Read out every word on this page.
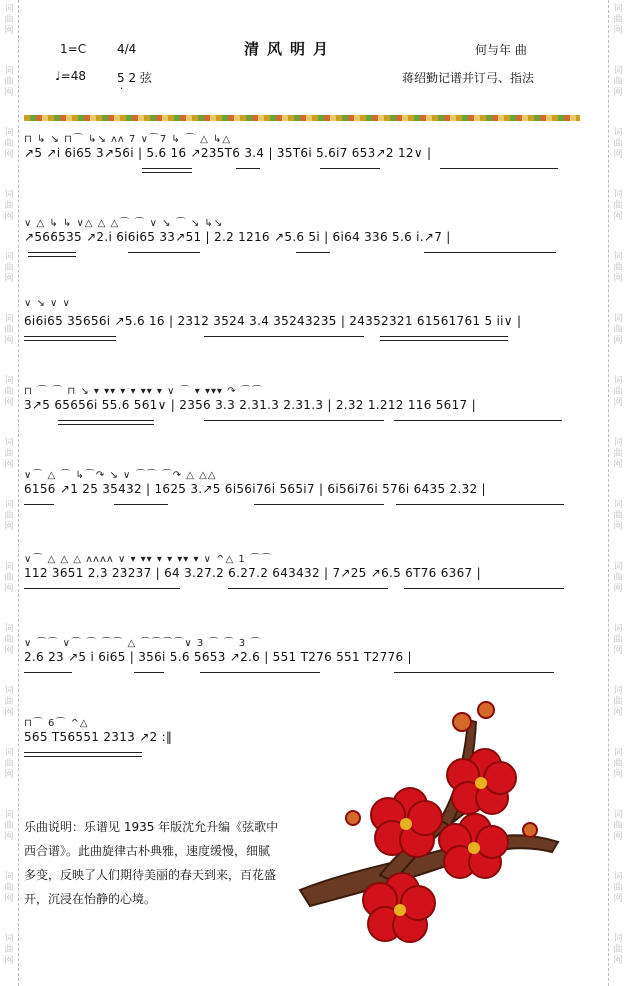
词
曲
网
词
曲
网
词
曲
网
词
曲
网
词
曲
网
词
曲
网
词
曲
网
词
曲
网
词
曲
网
词
曲
网
词
曲
网
词
曲
网
词
曲
网
词
曲
网
词
曲
网
词
曲
网
词
曲
网
词
曲
网
词
曲
网
词
曲
网
词
曲
网
词
曲
网
词
曲
网
词
曲
网
词
曲
网
词
曲
网
词
曲
网
词
曲
网
词
曲
网
词
曲
网
词
曲
网
词
曲
网
1=C	4/4	清风明月	何与年 曲
♩=48	5 2 弦
·
蒋绍勤记谱并订弓、指法
⊓ ↳ ↘ ⊓⌒ ↳↘ ᴧᴧ 7 ∨⌒7 ↳ ⌒ △ ↳△
↗5 ↗i 6i65 3↗56i | 5.6 16 ↗235T6 3.4 | 35T6i 5.6i7 653↗2 12∨ |
∨ △ ↳ ↳ ∨△ △ △⌒ ⌒ ∨ ↘ ⌒ ↘ ↳↘
↗566535 ↗2.i 6i6i65 33↗51 | 2.2 1216 ↗5.6 5i | 6i64 336 5.6 i.↗7 |
∨ ↘ ∨ ∨
6i6i65 35656i ↗5.6 16 | 2312 3524 3.4 35243235 | 24352321 61561761 5 ii∨ |
⊓ ⌒ ⌒ ⊓ ↘ ▾ ▾▾ ▾ ▾ ▾▾ ▾ ∨ ⌒ ▾ ▾▾▾ ↷ ⌒⌒
3↗5 65656i 55.6 561∨ | 2356 3.3 2.31.3 2.31.3 | 2.32 1.212 116 5617 |
∨⌒ △ ⌒ ↳⌒↷ ↘ ∨ ⌒⌒ ⌒↷ △ △△
6156 ↗1 25 35432 | 1625 3.↗5 6i56i76i 565i7 | 6i56i76i 576i 6435 2.32 |
∨⌒ △ △ △ ᴧᴧᴧᴧ ∨ ▾ ▾▾ ▾ ▾ ▾▾ ▾ ∨ ^△ 1 ⌒⌒
112 3651 2.3 23237 | 64 3.27.2 6.27.2 643432 | 7↗25 ↗6.5 6T76 6367 |
∨ ⌒⌒ ∨⌒ ⌒ ⌒⌒ △ ⌒⌒⌒⌒∨ 3 ⌒ ⌒ 3 ⌒
2.6 23 ↗5 i 6i65 | 356i 5.6 5653 ↗2.6 | 551 T276 551 T2776 |
⊓⌒ 6⌒ ^△
565 T56551 2313 ↗2 :‖
乐曲说明：乐谱见 1935 年版沈允升编《弦歌中西合谱》。此曲旋律古朴典雅，速度缓慢，细腻多变，反映了人们期待美丽的春天到来，百花盛开，沉浸在怡静的心境。
